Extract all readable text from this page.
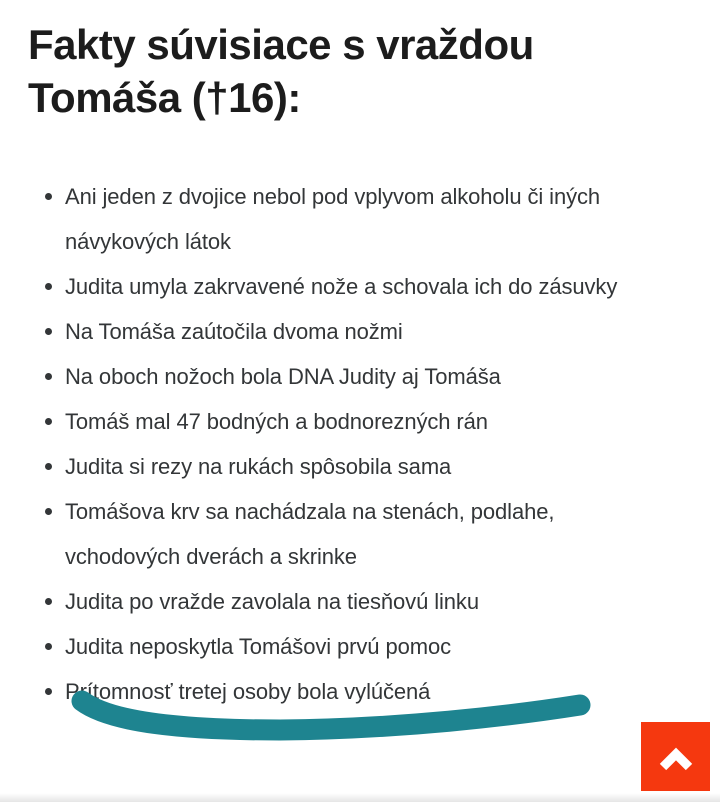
Fakty súvisiace s vraždou Tomáša (†16):
Ani jeden z dvojice nebol pod vplyvom alkoholu či iných návykových látok
Judita umyla zakrvavené nože a schovala ich do zásuvky
Na Tomáša zaútočila dvoma nožmi
Na oboch nožoch bola DNA Judity aj Tomáša
Tomáš mal 47 bodných a bodnorezných rán
Judita si rezy na rukách spôsobila sama
Tomášova krv sa nachádzala na stenách, podlahe, vchodových dverách a skrinke
Judita po vražde zavolala na tiesňovú linku
Judita neposkytla Tomášovi prvú pomoc
Prítomnosť tretej osoby bola vylúčená
